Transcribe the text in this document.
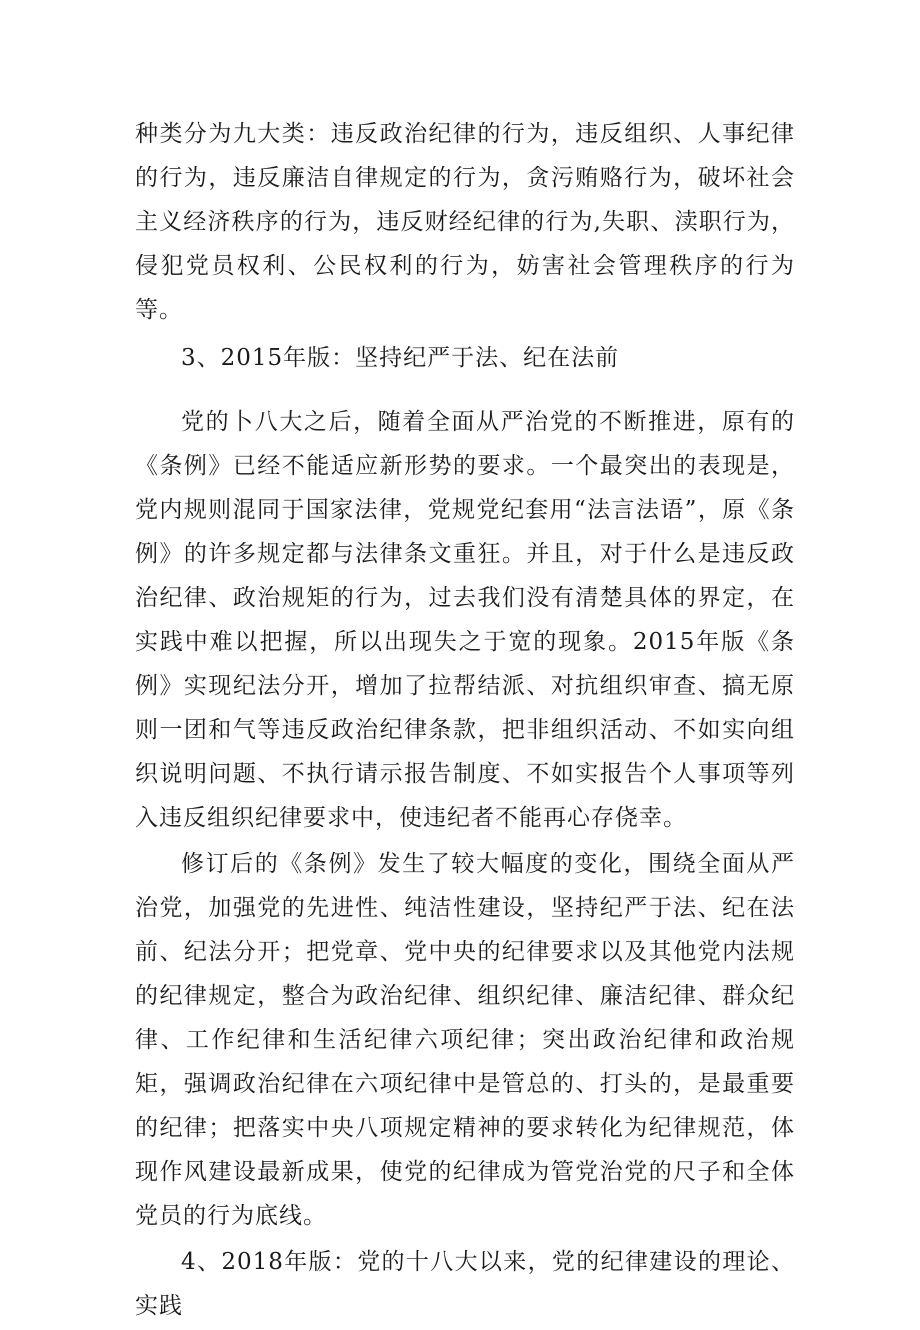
种类分为九大类：违反政治纪律的行为，违反组织、人事纪律的行为，违反廉洁自律规定的行为，贪污贿赂行为，破坏社会主义经济秩序的行为，违反财经纪律的行为,失职、渎职行为，侵犯党员权利、公民权利的行为，妨害社会管理秩序的行为等。

3、2015年版：坚持纪严于法、纪在法前

党的卜八大之后，随着全面从严治党的不断推进，原有的《条例》已经不能适应新形势的要求。一个最突出的表现是，党内规则混同于国家法律，党规党纪套用“法言法语”，原《条例》的许多规定都与法律条文重狂。并且，对于什么是违反政治纪律、政治规矩的行为，过去我们没有清楚具体的界定，在实践中难以把握，所以出现失之于宽的现象。2015年版《条例》实现纪法分开，增加了拉帮结派、对抗组织审查、搞无原则一团和气等违反政治纪律条款，把非组织活动、不如实向组织说明问题、不执行请示报告制度、不如实报告个人事项等列入违反组织纪律要求中，使违纪者不能再心存侥幸。

修订后的《条例》发生了较大幅度的变化，围绕全面从严治党，加强党的先进性、纯洁性建设，坚持纪严于法、纪在法前、纪法分开；把党章、党中央的纪律要求以及其他党内法规的纪律规定，整合为政治纪律、组织纪律、廉洁纪律、群众纪律、工作纪律和生活纪律六项纪律；突出政治纪律和政治规矩，强调政治纪律在六项纪律中是管总的、打头的，是最重要的纪律；把落实中央八项规定精神的要求转化为纪律规范，体现作风建设最新成果，使党的纪律成为管党治党的尺子和全体党员的行为底线。

4、2018年版：党的十八大以来，党的纪律建设的理论、实践
